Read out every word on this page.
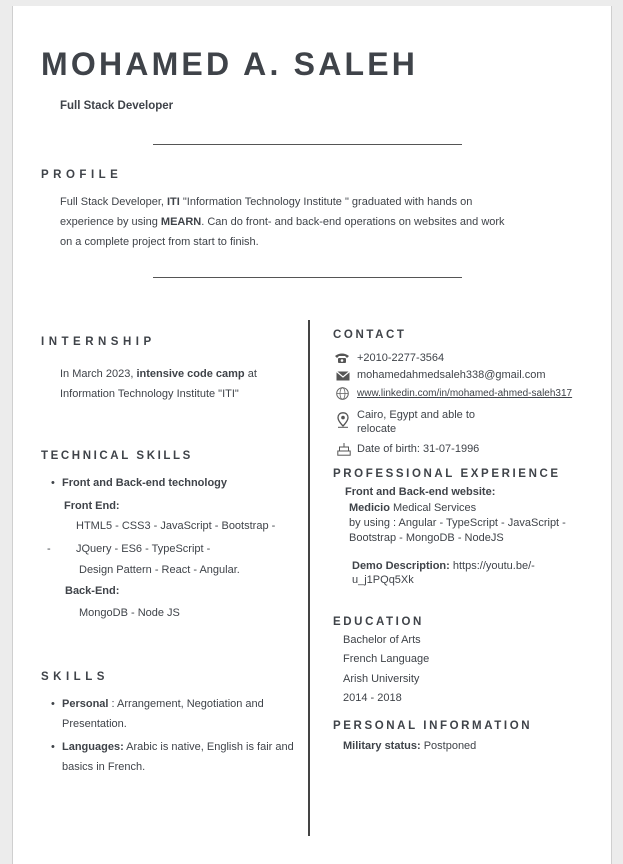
MOHAMED A. SALEH
Full Stack Developer
PROFILE
Full Stack Developer, ITI "Information Technology Institute " graduated with hands on
experience by using MEARN. Can do front- and back-end operations on websites and work
on a complete project from start to finish.
INTERNSHIP
In March 2023, intensive code camp at
Information Technology Institute "ITI"
TECHNICAL SKILLS
• Front and Back-end technology
Front End:
HTML5 - CSS3 - JavaScript - Bootstrap -
- JQuery - ES6 - TypeScript -
Design Pattern - React - Angular.
Back-End:
MongoDB - Node JS
SKILLS
• Personal : Arrangement, Negotiation and
Presentation.
• Languages: Arabic is native, English is fair and
basics in French.
CONTACT
+2010-2277-3564
mohamedahmedsaleh338@gmail.com
www.linkedin.com/in/mohamed-ahmed-saleh317
Cairo, Egypt and able to
relocate
Date of birth: 31-07-1996
PROFESSIONAL EXPERIENCE
Front and Back-end website:
Medicio Medical Services
by using : Angular - TypeScript - JavaScript -
Bootstrap - MongoDB - NodeJS
Demo Description: https://youtu.be/-
u_j1PQq5Xk
EDUCATION
Bachelor of Arts
French Language
Arish University
2014 - 2018
PERSONAL INFORMATION
Military status: Postponed
